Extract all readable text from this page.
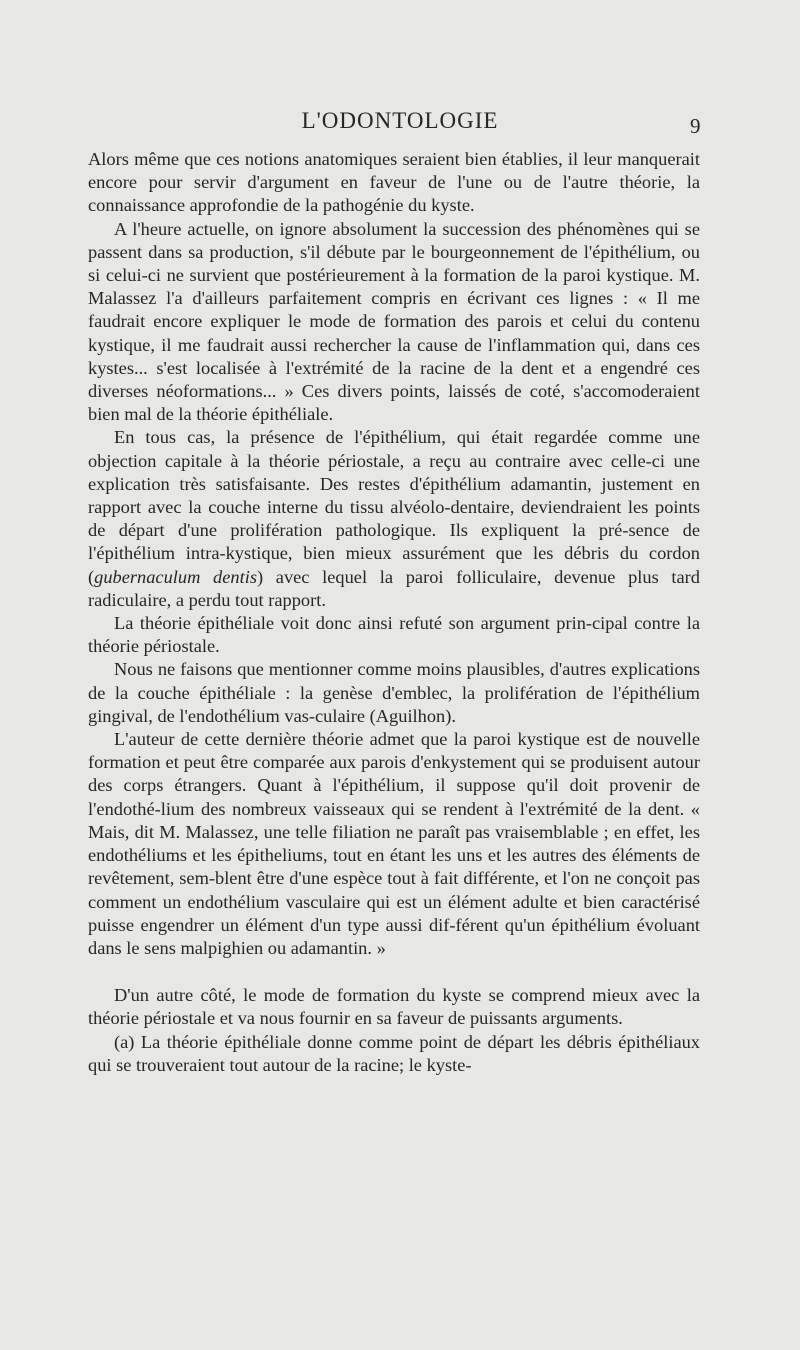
L'ODONTOLOGIE	9

Alors même que ces notions anatomiques seraient bien établies, il leur manquerait encore pour servir d'argument en faveur de l'une ou de l'autre théorie, la connaissance approfondie de la pathogénie du kyste.

A l'heure actuelle, on ignore absolument la succession des phénomènes qui se passent dans sa production, s'il débute par le bourgeonnement de l'épithélium, ou si celui-ci ne survient que postérieurement à la formation de la paroi kystique. M. Malassez l'a d'ailleurs parfaitement compris en écrivant ces lignes : « Il me faudrait encore expliquer le mode de formation des parois et celui du contenu kystique, il me faudrait aussi rechercher la cause de l'inflammation qui, dans ces kystes... s'est localisée à l'extrémité de la racine de la dent et a engendré ces diverses néoformations... » Ces divers points, laissés de coté, s'accomoderaient bien mal de la théorie épithéliale.

En tous cas, la présence de l'épithélium, qui était regardée comme une objection capitale à la théorie périostale, a reçu au contraire avec celle-ci une explication très satisfaisante. Des restes d'épithélium adamantin, justement en rapport avec la couche interne du tissu alvéolo-dentaire, deviendraient les points de départ d'une prolifération pathologique. Ils expliquent la pré-sence de l'épithélium intra-kystique, bien mieux assurément que les débris du cordon (gubernaculum dentis) avec lequel la paroi folliculaire, devenue plus tard radiculaire, a perdu tout rapport.

La théorie épithéliale voit donc ainsi refuté son argument prin-cipal contre la théorie périostale.

Nous ne faisons que mentionner comme moins plausibles, d'autres explications de la couche épithéliale : la genèse d'emblec, la prolifération de l'épithélium gingival, de l'endothélium vas-culaire (Aguilhon).

L'auteur de cette dernière théorie admet que la paroi kystique est de nouvelle formation et peut être comparée aux parois d'enkystement qui se produisent autour des corps étrangers. Quant à l'épithélium, il suppose qu'il doit provenir de l'endothé-lium des nombreux vaisseaux qui se rendent à l'extrémité de la dent. « Mais, dit M. Malassez, une telle filiation ne paraît pas vraisemblable ; en effet, les endothéliums et les épitheliums, tout en étant les uns et les autres des éléments de revêtement, sem-blent être d'une espèce tout à fait différente, et l'on ne conçoit pas comment un endothélium vasculaire qui est un élément adulte et bien caractérisé puisse engendrer un élément d'un type aussi dif-férent qu'un épithélium évoluant dans le sens malpighien ou adamantin. »

D'un autre côté, le mode de formation du kyste se comprend mieux avec la théorie périostale et va nous fournir en sa faveur de puissants arguments.

(a) La théorie épithéliale donne comme point de départ les débris épithéliaux qui se trouveraient tout autour de la racine; le kyste-
